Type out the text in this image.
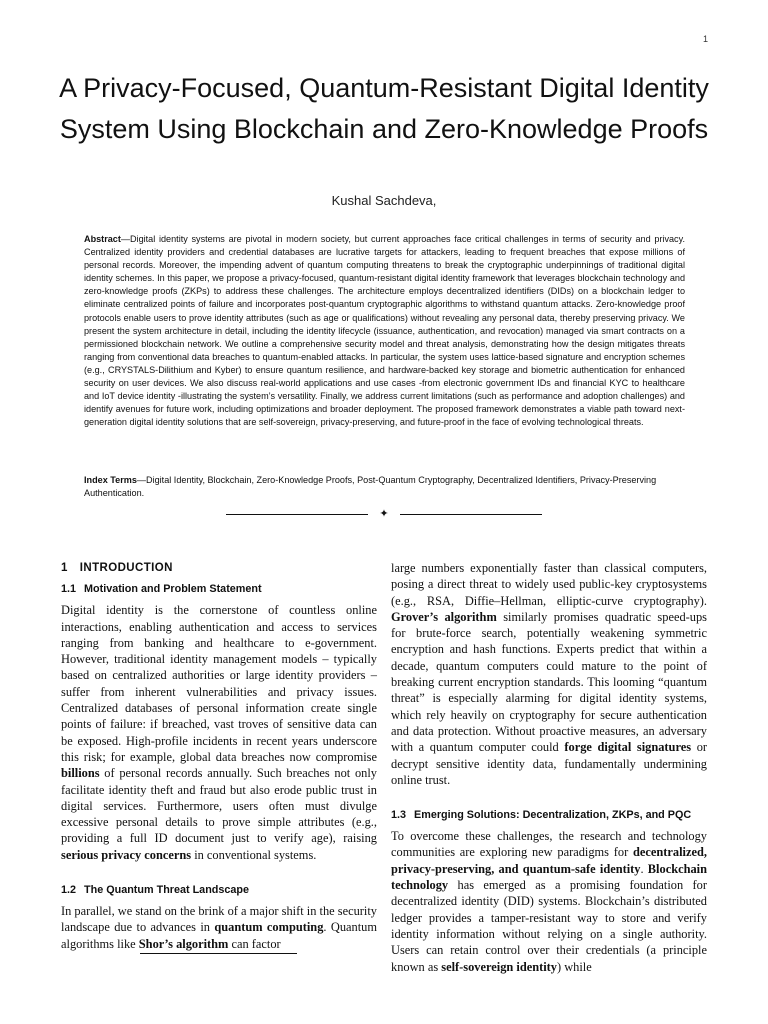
1
A Privacy-Focused, Quantum-Resistant Digital Identity System Using Blockchain and Zero-Knowledge Proofs
Kushal Sachdeva,

Abstract—Digital identity systems are pivotal in modern society, but current approaches face critical challenges in terms of security and privacy. Centralized identity providers and credential databases are lucrative targets for attackers, leading to frequent breaches that expose millions of personal records. Moreover, the impending advent of quantum computing threatens to break the cryptographic underpinnings of traditional digital identity schemes. In this paper, we propose a privacy-focused, quantum-resistant digital identity framework that leverages blockchain technology and zero-knowledge proofs (ZKPs) to address these challenges. The architecture employs decentralized identifiers (DIDs) on a blockchain ledger to eliminate centralized points of failure and incorporates post-quantum cryptographic algorithms to withstand quantum attacks. Zero-knowledge proof protocols enable users to prove identity attributes (such as age or qualifications) without revealing any personal data, thereby preserving privacy. We present the system architecture in detail, including the identity lifecycle (issuance, authentication, and revocation) managed via smart contracts on a permissioned blockchain network. We outline a comprehensive security model and threat analysis, demonstrating how the design mitigates threats ranging from conventional data breaches to quantum-enabled attacks. In particular, the system uses lattice-based signature and encryption schemes (e.g., CRYSTALS-Dilithium and Kyber) to ensure quantum resilience, and hardware-backed key storage and biometric authentication for enhanced security on user devices. We also discuss real-world applications and use cases -from electronic government IDs and financial KYC to healthcare and IoT device identity -illustrating the system’s versatility. Finally, we address current limitations (such as performance and adoption challenges) and identify avenues for future work, including optimizations and broader deployment. The proposed framework demonstrates a viable path toward next-generation digital identity solutions that are self-sovereign, privacy-preserving, and future-proof in the face of evolving technological threats.

Index Terms—Digital Identity, Blockchain, Zero-Knowledge Proofs, Post-Quantum Cryptography, Decentralized Identifiers, Privacy-Preserving Authentication.

✦
1 INTRODUCTION
1.1 Motivation and Problem Statement

Digital identity is the cornerstone of countless online interactions, enabling authentication and access to services ranging from banking and healthcare to e-government. However, traditional identity management models – typically based on centralized authorities or large identity providers – suffer from inherent vulnerabilities and privacy issues. Centralized databases of personal information create single points of failure: if breached, vast troves of sensitive data can be exposed. High-profile incidents in recent years underscore this risk; for example, global data breaches now compromise billions of personal records annually. Such breaches not only facilitate identity theft and fraud but also erode public trust in digital services. Furthermore, users often must divulge excessive personal details to prove simple attributes (e.g., providing a full ID document just to verify age), raising serious privacy concerns in conventional systems.

1.2 The Quantum Threat Landscape

In parallel, we stand on the brink of a major shift in the security landscape due to advances in quantum computing. Quantum algorithms like Shor’s algorithm can factor

large numbers exponentially faster than classical computers, posing a direct threat to widely used public-key cryptosystems (e.g., RSA, Diffie–Hellman, elliptic-curve cryptography). Grover’s algorithm similarly promises quadratic speed-ups for brute-force search, potentially weakening symmetric encryption and hash functions. Experts predict that within a decade, quantum computers could mature to the point of breaking current encryption standards. This looming “quantum threat” is especially alarming for digital identity systems, which rely heavily on cryptography for secure authentication and data protection. Without proactive measures, an adversary with a quantum computer could forge digital signatures or decrypt sensitive identity data, fundamentally undermining online trust.

1.3 Emerging Solutions: Decentralization, ZKPs, and PQC

To overcome these challenges, the research and technology communities are exploring new paradigms for decentralized, privacy-preserving, and quantum-safe identity. Blockchain technology has emerged as a promising foundation for decentralized identity (DID) systems. Blockchain’s distributed ledger provides a tamper-resistant way to store and verify identity information without relying on a single authority. Users can retain control over their credentials (a principle known as self-sovereign identity) while
